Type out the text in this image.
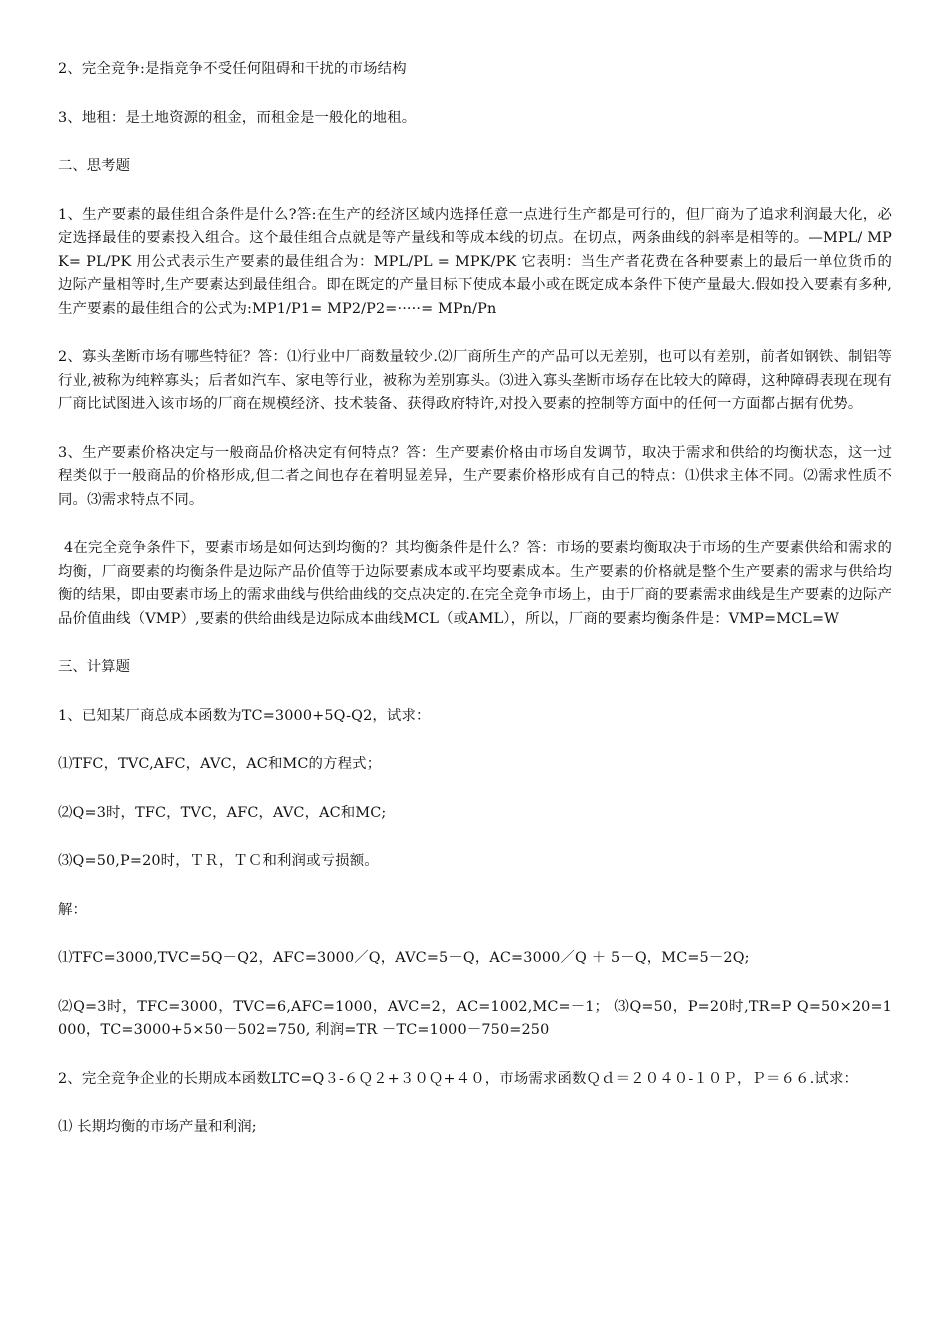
2、完全竞争:是指竞争不受任何阻碍和干扰的市场结构

3、地租：是土地资源的租金，而租金是一般化的地租。

二、思考题

1、生产要素的最佳组合条件是什么?答:在生产的经济区域内选择任意一点进行生产都是可行的，但厂商为了追求利润最大化，必定选择最佳的要素投入组合。这个最佳组合点就是等产量线和等成本线的切点。在切点，两条曲线的斜率是相等的。—MPL/ MPK= PL/PK 用公式表示生产要素的最佳组合为：MPL/PL = MPK/PK 它表明：当生产者花费在各种要素上的最后一单位货币的边际产量相等时,生产要素达到最佳组合。即在既定的产量目标下使成本最小或在既定成本条件下使产量最大.假如投入要素有多种,生产要素的最佳组合的公式为:MP1/P1= MP2/P2=·····= MPn/Pn

2、寡头垄断市场有哪些特征？答：⑴行业中厂商数量较少.⑵厂商所生产的产品可以无差别，也可以有差别，前者如钢铁、制铝等行业,被称为纯粹寡头；后者如汽车、家电等行业，被称为差别寡头。⑶进入寡头垄断市场存在比较大的障碍，这种障碍表现在现有厂商比试图进入该市场的厂商在规模经济、技术装备、获得政府特许,对投入要素的控制等方面中的任何一方面都占据有优势。

3、生产要素价格决定与一般商品价格决定有何特点？答：生产要素价格由市场自发调节，取决于需求和供给的均衡状态，这一过程类似于一般商品的价格形成,但二者之间也存在着明显差异，生产要素价格形成有自己的特点：⑴供求主体不同。⑵需求性质不同。⑶需求特点不同。

4在完全竞争条件下，要素市场是如何达到均衡的？其均衡条件是什么？答：市场的要素均衡取决于市场的生产要素供给和需求的均衡，厂商要素的均衡条件是边际产品价值等于边际要素成本或平均要素成本。生产要素的价格就是整个生产要素的需求与供给均衡的结果，即由要素市场上的需求曲线与供给曲线的交点决定的.在完全竞争市场上，由于厂商的要素需求曲线是生产要素的边际产品价值曲线（VMP）,要素的供给曲线是边际成本曲线MCL（或AML），所以，厂商的要素均衡条件是：VMP=MCL=W

三、计算题

1、已知某厂商总成本函数为TC=3000+5Q-Q2，试求：

⑴TFC，TVC,AFC，AVC，AC和MC的方程式；

⑵Q=3时，TFC，TVC，AFC，AVC，AC和MC;

⑶Q=50,P=20时，ＴＲ，ＴＣ和利润或亏损额。

解：

⑴TFC=3000,TVC=5Q－Q2，AFC=3000／Q，AVC=5－Q，AC=3000／Q ＋ 5－Q，MC=5－2Q;

⑵Q=3时，TFC=3000，TVC=6,AFC=1000，AVC=2，AC=1002,MC=－1； ⑶Q=50，P=20时,TR=P Q=50×20=1000，TC=3000+5×50－502=750, 利润=TR －TC=1000－750=250

2、完全竞争企业的长期成本函数LTC=Q３-６Ｑ２+３０Ｑ+４０，市场需求函数Ｑｄ＝２０４０-１０Ｐ，Ｐ＝６６.试求：

⑴ 长期均衡的市场产量和利润;
